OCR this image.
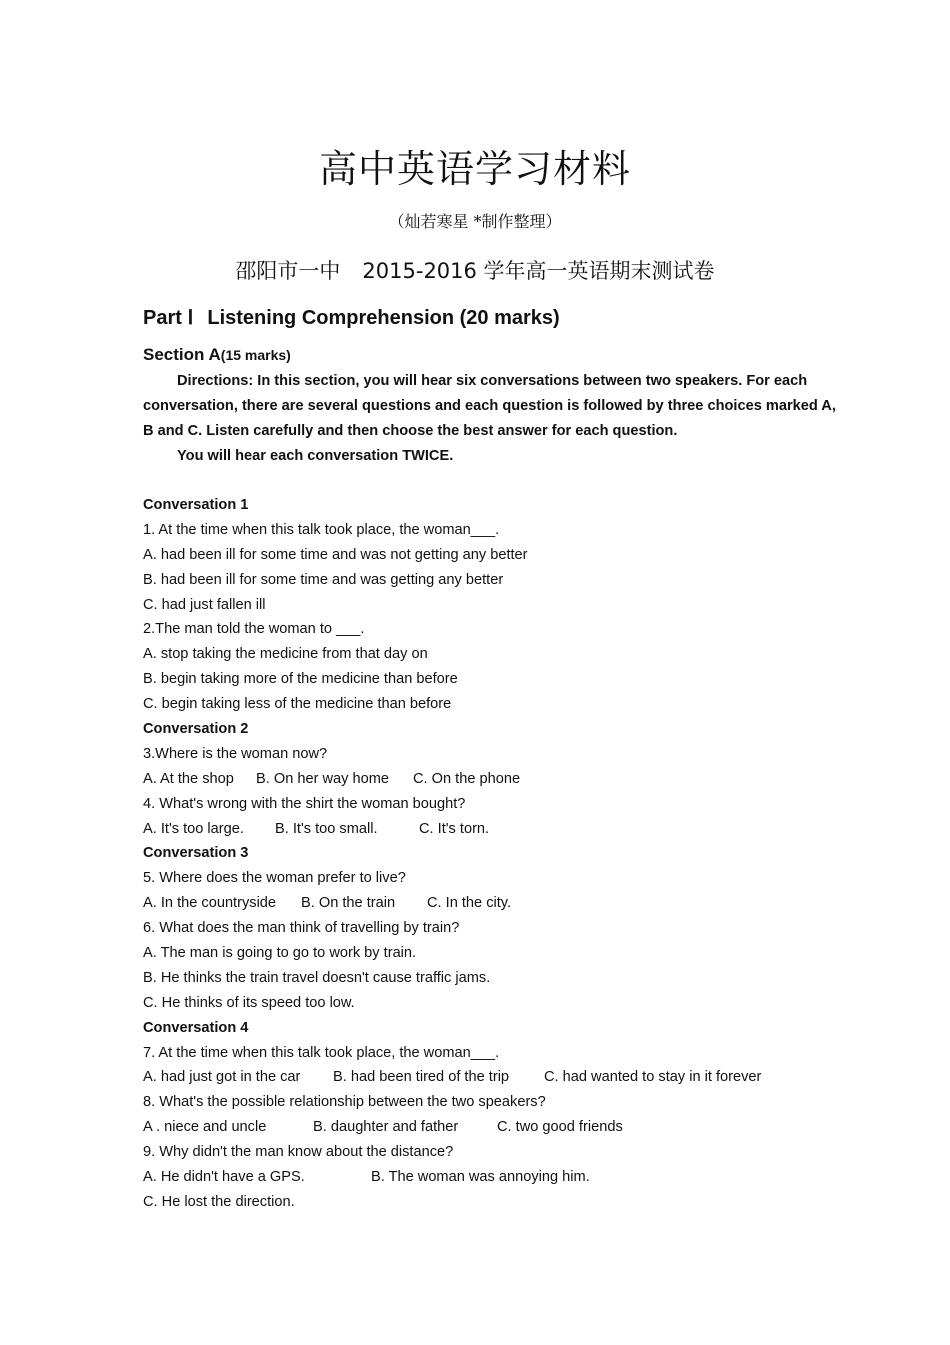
高中英语学习材料
（灿若寒星 *制作整理）
邵阳市一中 2015-2016 学年高一英语期末测试卷
Part Ⅰ Listening Comprehension (20 marks)
Section A(15 marks)

Directions: In this section, you will hear six conversations between two speakers. For each conversation, there are several questions and each question is followed by three choices marked A, B and C. Listen carefully and then choose the best answer for each question.

You will hear each conversation TWICE.

Conversation 1
1. At the time when this talk took place, the woman___.
A. had been ill for some time and was not getting any better
B. had been ill for some time and was getting any better
C. had just fallen ill
2.The man told the woman to ___.
A. stop taking the medicine from that day on
B. begin taking more of the medicine than before
C. begin taking less of the medicine than before
Conversation 2
3.Where is the woman now?
A. At the shop B. On her way home C. On the phone
4. What's wrong with the shirt the woman bought?
A. It's too large. B. It's too small.	C. It's torn.
Conversation 3
5. Where does the woman prefer to live?
A. In the countryside B. On the train C. In the city.
6. What does the man think of travelling by train?
A. The man is going to go to work by train.
B. He thinks the train travel doesn't cause traffic jams.
C. He thinks of its speed too low.
Conversation 4
7. At the time when this talk took place, the woman___.
A. had just got in the car B. had been tired of the trip C. had wanted to stay in it forever
8. What's the possible relationship between the two speakers?
A . niece and uncle	B. daughter and father	C. two good friends
9. Why didn't the man know about the distance?
A. He didn't have a GPS.	B. The woman was annoying him.
C. He lost the direction.
